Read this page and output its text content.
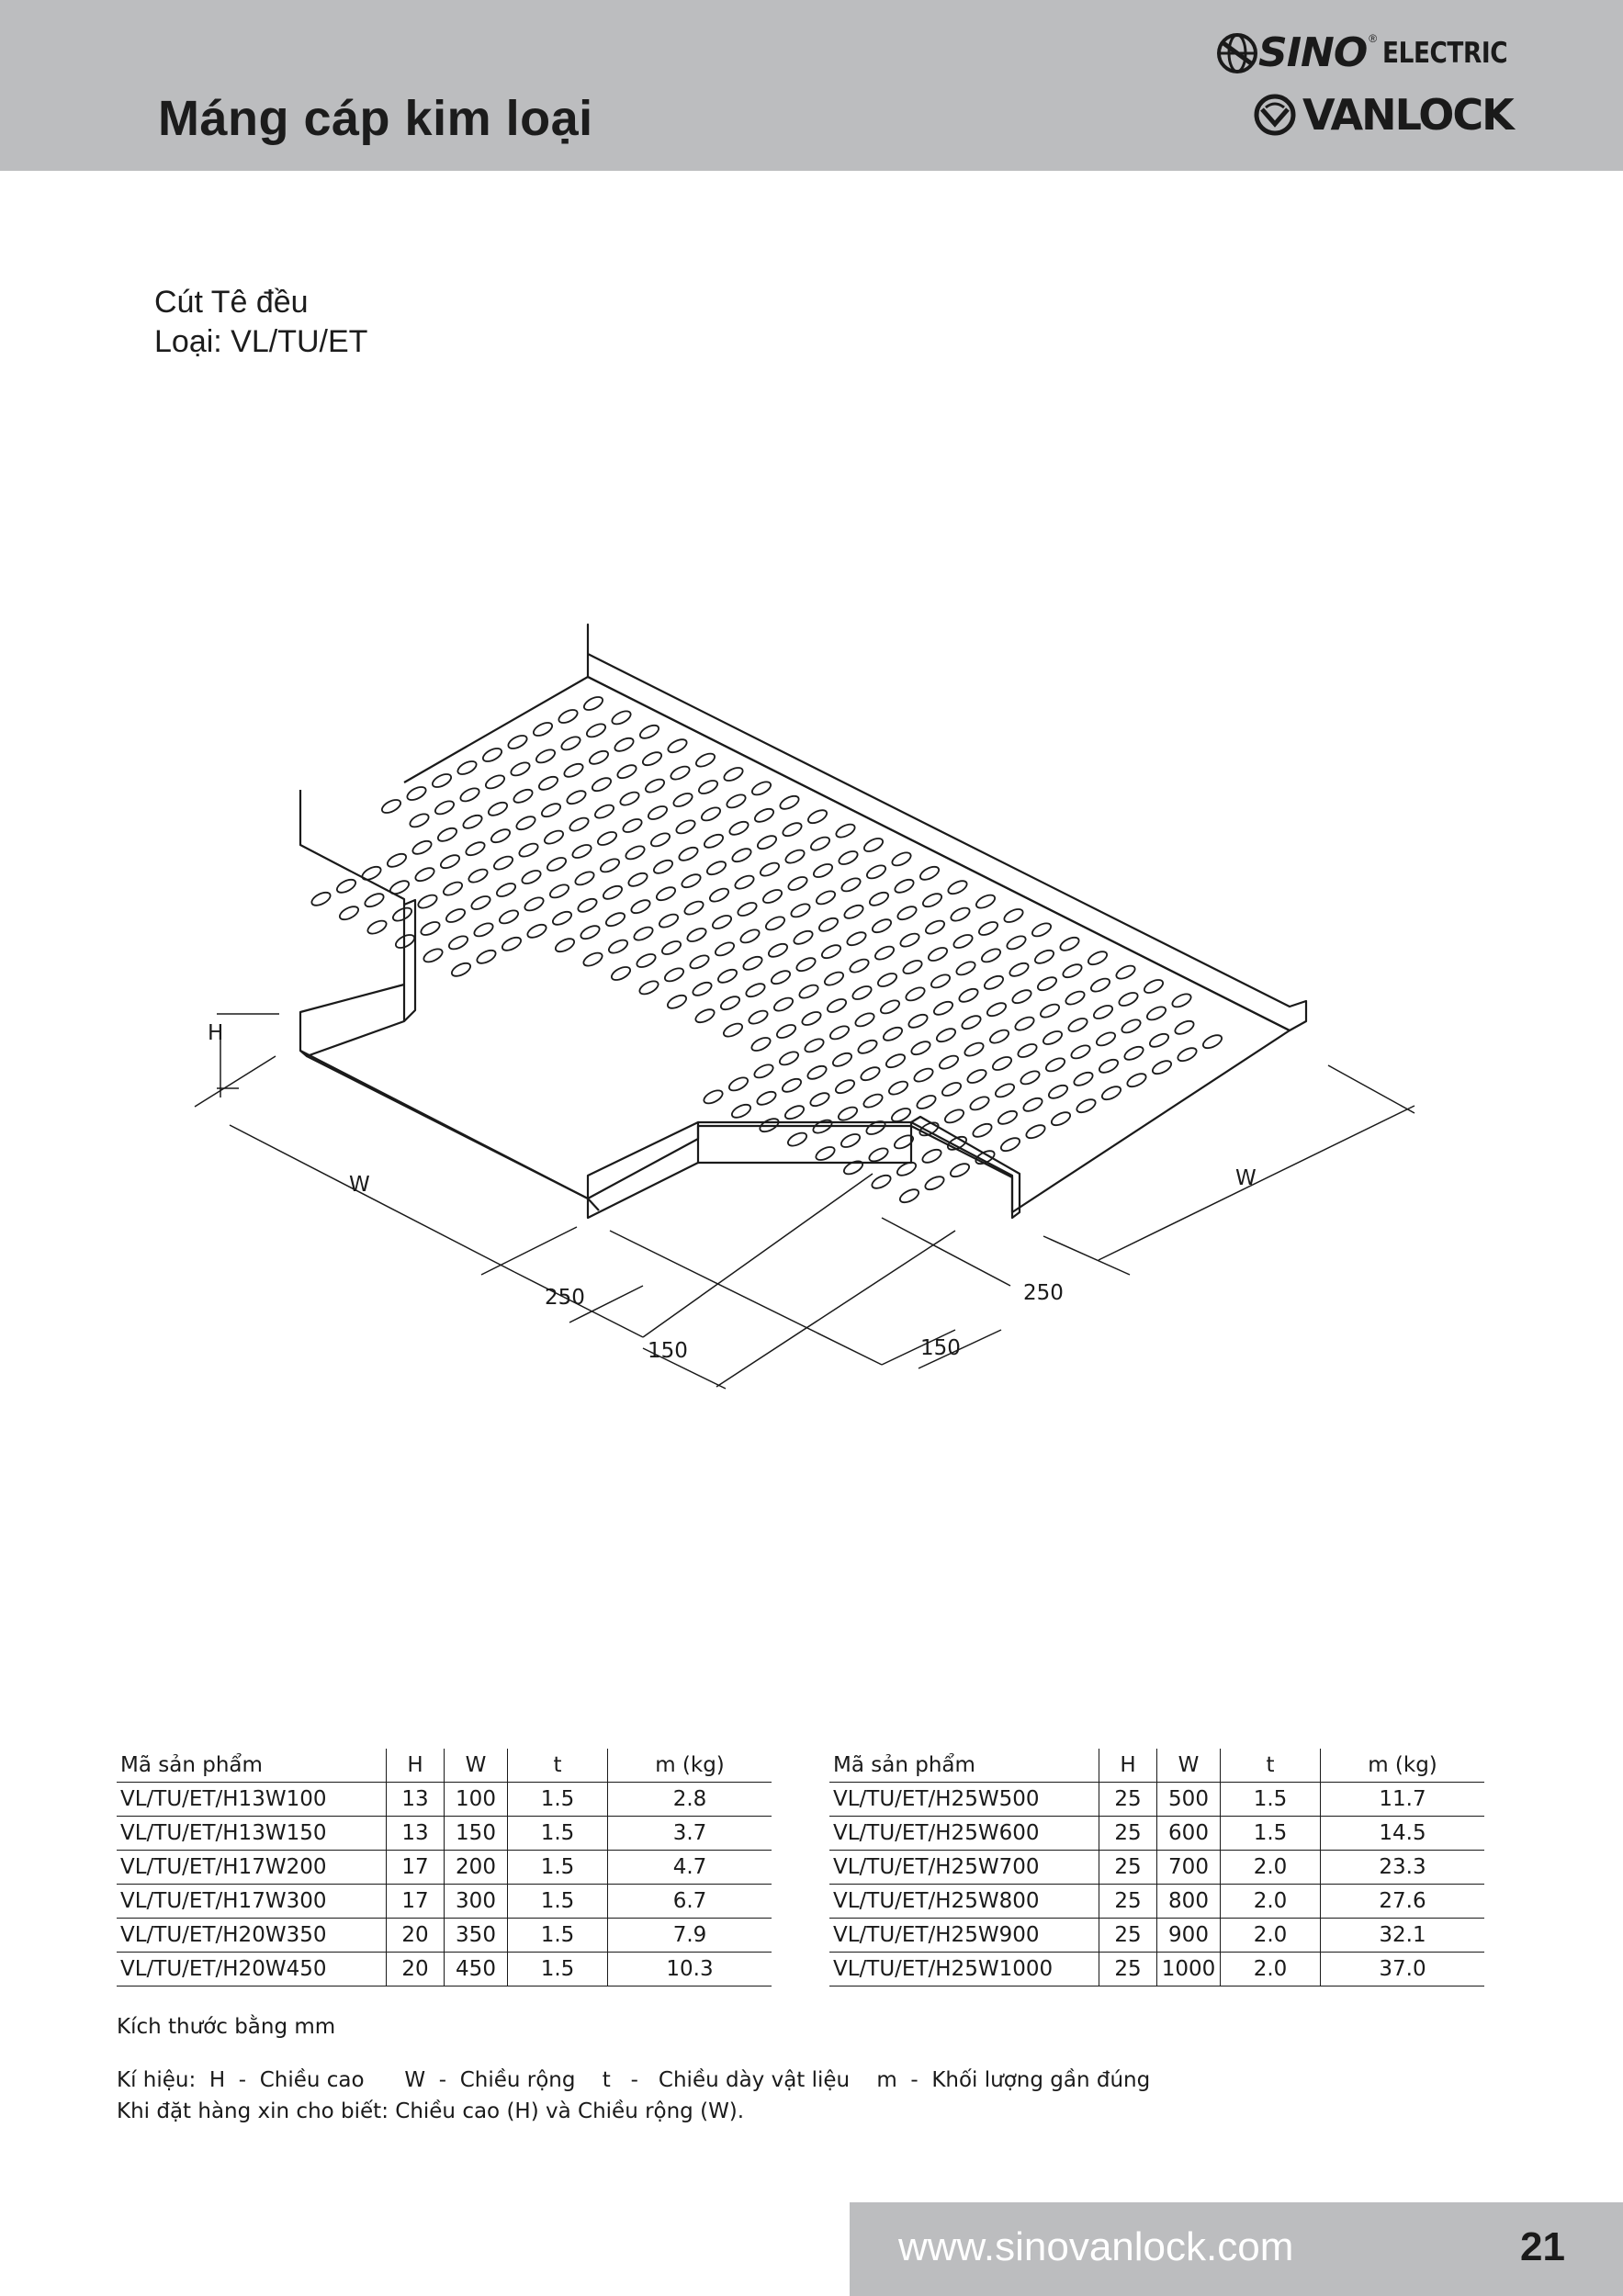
Máng cáp kim loại
SINO ® ELECTRIC
VANLOCK
Cút Tê đều
Loại: VL/TU/ET
H
W	W
250
150
250
150
Mã sản phẩm	H	W	t	m (kg)
VL/TU/ET/H13W100	13	100	1.5	2.8
VL/TU/ET/H13W150	13	150	1.5	3.7
VL/TU/ET/H17W200	17	200	1.5	4.7
VL/TU/ET/H17W300	17	300	1.5	6.7
VL/TU/ET/H20W350	20	350	1.5	7.9
VL/TU/ET/H20W450	20	450	1.5	10.3
Mã sản phẩm	H	W	t	m (kg)
VL/TU/ET/H25W500	25	500	1.5	11.7
VL/TU/ET/H25W600	25	600	1.5	14.5
VL/TU/ET/H25W700	25	700	2.0	23.3
VL/TU/ET/H25W800	25	800	2.0	27.6
VL/TU/ET/H25W900	25	900	2.0	32.1
VL/TU/ET/H25W1000	25	1000	2.0	37.0
Kích thước bằng mm
Kí hiệu:  H  -  Chiều cao      W  -  Chiều rộng    t   -   Chiều dày vật liệu    m  -  Khối lượng gần đúng
Khi đặt hàng xin cho biết: Chiều cao (H) và Chiều rộng (W).
www.sinovanlock.com	21
